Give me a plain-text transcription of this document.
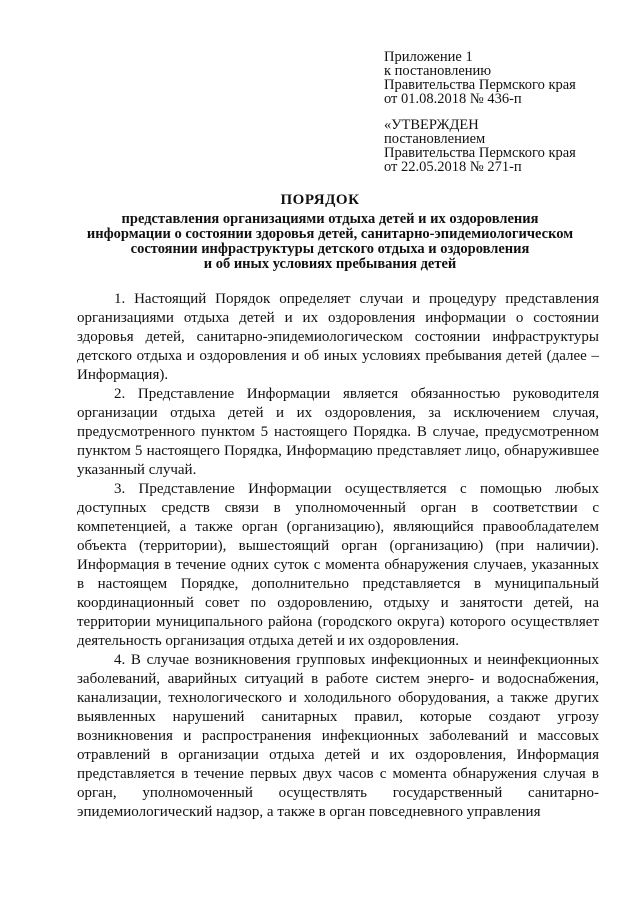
Приложение 1
к постановлению
Правительства Пермского края
от 01.08.2018 № 436-п
«УТВЕРЖДЕН
постановлением
Правительства Пермского края
от 22.05.2018 № 271-п
ПОРЯДОК
представления организациями отдыха детей и их оздоровления
информации о состоянии здоровья детей, санитарно-эпидемиологическом
состоянии инфраструктуры детского отдыха и оздоровления
и об иных условиях пребывания детей

1. Настоящий Порядок определяет случаи и процедуру представления организациями отдыха детей и их оздоровления информации о состоянии здоровья детей, санитарно-эпидемиологическом состоянии инфраструктуры детского отдыха и оздоровления и об иных условиях пребывания детей (далее – Информация).

2. Представление Информации является обязанностью руководителя организации отдыха детей и их оздоровления, за исключением случая, предусмотренного пунктом 5 настоящего Порядка. В случае, предусмотренном пунктом 5 настоящего Порядка, Информацию представляет лицо, обнаружившее указанный случай.

3. Представление Информации осуществляется с помощью любых доступных средств связи в уполномоченный орган в соответствии с компетенцией, а также орган (организацию), являющийся правообладателем объекта (территории), вышестоящий орган (организацию) (при наличии). Информация в течение одних суток с момента обнаружения случаев, указанных в настоящем Порядке, дополнительно представляется в муниципальный координационный совет по оздоровлению, отдыху и занятости детей, на территории муниципального района (городского округа) которого осуществляет деятельность организация отдыха детей и их оздоровления.

4. В случае возникновения групповых инфекционных и неинфекционных заболеваний, аварийных ситуаций в работе систем энерго- и водоснабжения, канализации, технологического и холодильного оборудования, а также других выявленных нарушений санитарных правил, которые создают угрозу возникновения и распространения инфекционных заболеваний и массовых отравлений в организации отдыха детей и их оздоровления, Информация представляется в течение первых двух часов с момента обнаружения случая в орган, уполномоченный осуществлять государственный санитарно-эпидемиологический надзор, а также в орган повседневного управления
